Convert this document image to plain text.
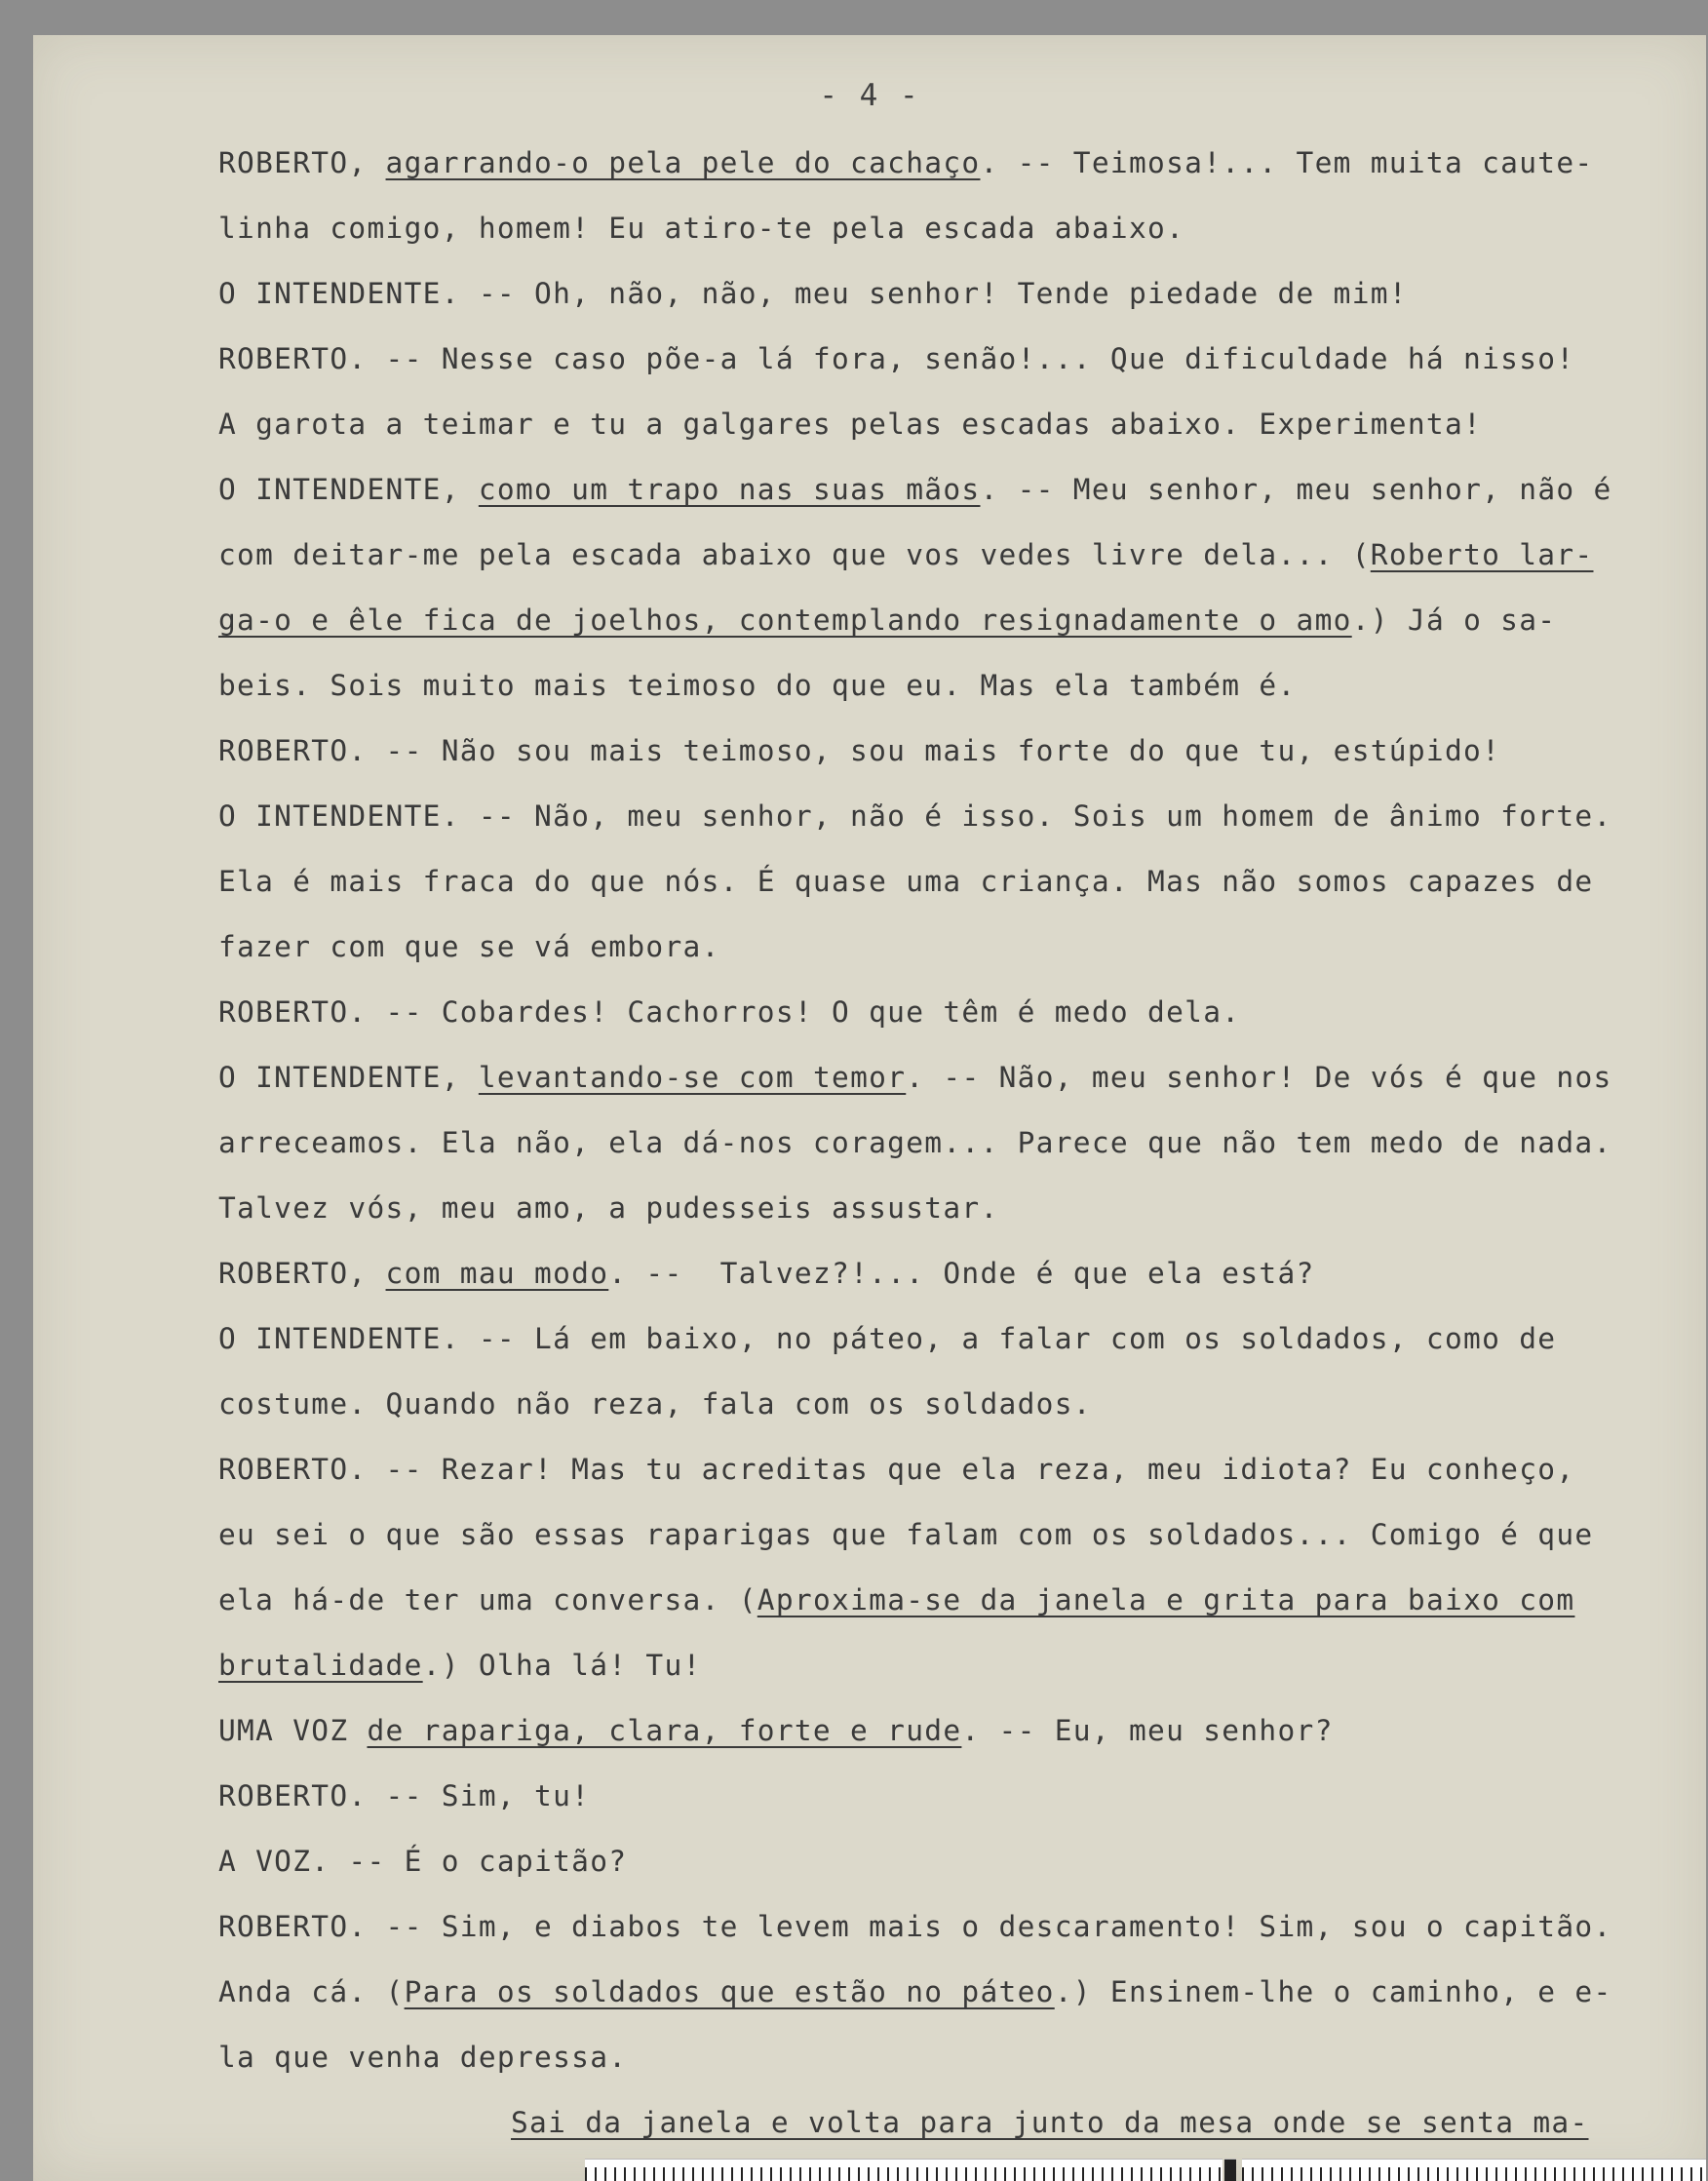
- 4 -
ROBERTO, agarrando-o pela pele do cachaço. -- Teimosa!... Tem muita caute-
linha comigo, homem! Eu atiro-te pela escada abaixo.
O INTENDENTE. -- Oh, não, não, meu senhor! Tende piedade de mim!
ROBERTO. -- Nesse caso põe-a lá fora, senão!... Que dificuldade há nisso!
A garota a teimar e tu a galgares pelas escadas abaixo. Experimenta!
O INTENDENTE, como um trapo nas suas mãos. -- Meu senhor, meu senhor, não é
com deitar-me pela escada abaixo que vos vedes livre dela... (Roberto lar-
ga-o e êle fica de joelhos, contemplando resignadamente o amo.) Já o sa-
beis. Sois muito mais teimoso do que eu. Mas ela também é.
ROBERTO. -- Não sou mais teimoso, sou mais forte do que tu, estúpido!
O INTENDENTE. -- Não, meu senhor, não é isso. Sois um homem de ânimo forte.
Ela é mais fraca do que nós. É quase uma criança. Mas não somos capazes de
fazer com que se vá embora.
ROBERTO. -- Cobardes! Cachorros! O que têm é medo dela.
O INTENDENTE, levantando-se com temor. -- Não, meu senhor! De vós é que nos
arreceamos. Ela não, ela dá-nos coragem... Parece que não tem medo de nada.
Talvez vós, meu amo, a pudesseis assustar.
ROBERTO, com mau modo. --  Talvez?!... Onde é que ela está?
O INTENDENTE. -- Lá em baixo, no páteo, a falar com os soldados, como de
costume. Quando não reza, fala com os soldados.
ROBERTO. -- Rezar! Mas tu acreditas que ela reza, meu idiota? Eu conheço,
eu sei o que são essas raparigas que falam com os soldados... Comigo é que
ela há-de ter uma conversa. (Aproxima-se da janela e grita para baixo com
brutalidade.) Olha lá! Tu!
UMA VOZ de rapariga, clara, forte e rude. -- Eu, meu senhor?
ROBERTO. -- Sim, tu!
A VOZ. -- É o capitão?
ROBERTO. -- Sim, e diabos te levem mais o descaramento! Sim, sou o capitão.
Anda cá. (Para os soldados que estão no páteo.) Ensinem-lhe o caminho, e e-
la que venha depressa.
Sai da janela e volta para junto da mesa onde se senta ma-
